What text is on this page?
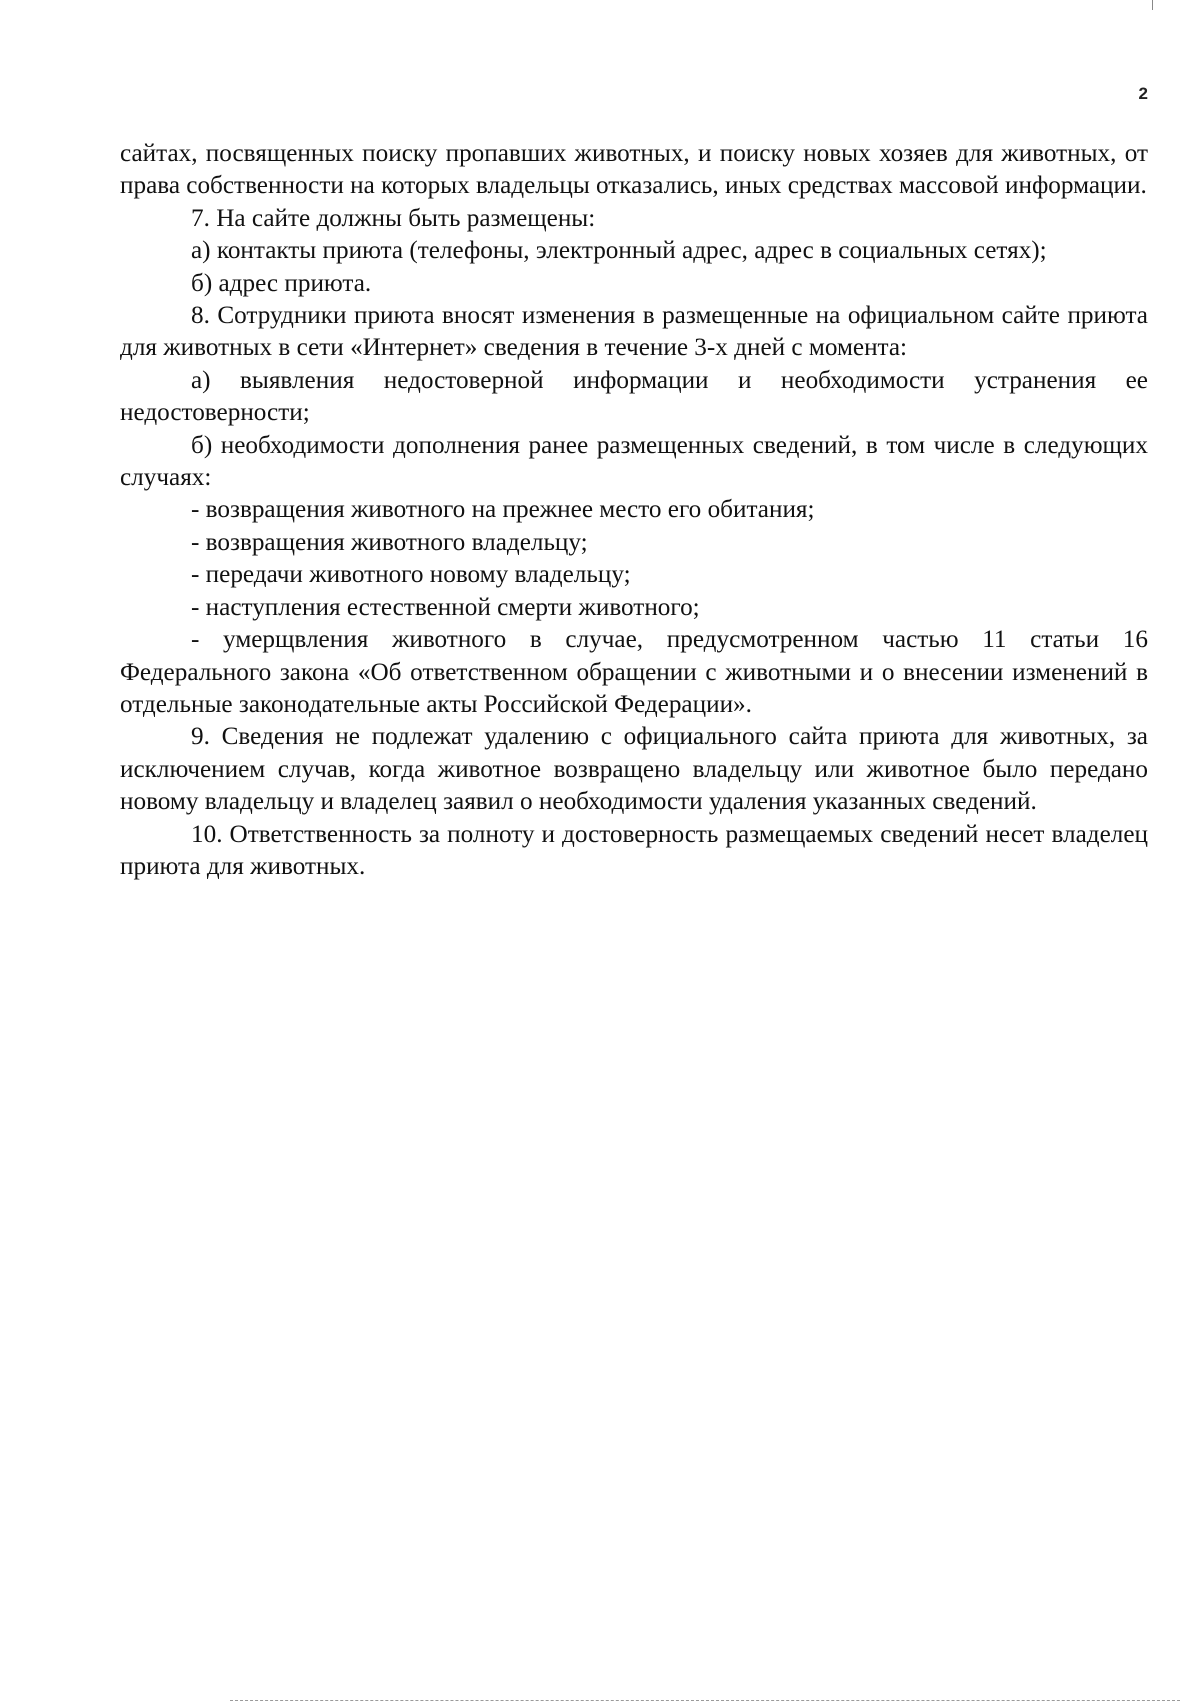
2

сайтах, посвященных поиску пропавших животных, и поиску новых хозяев для животных, от права собственности на которых владельцы отказались, иных средствах массовой информации.

7. На сайте должны быть размещены:

а) контакты приюта (телефоны, электронный адрес, адрес в социальных сетях);

б) адрес приюта.

8. Сотрудники приюта вносят изменения в размещенные на официальном сайте приюта для животных в сети «Интернет» сведения в течение 3-х дней с момента:

а) выявления недостоверной информации и необходимости устранения ее недостоверности;

б) необходимости дополнения ранее размещенных сведений, в том числе в следующих случаях:

- возвращения животного на прежнее место его обитания;

- возвращения животного владельцу;

- передачи животного новому владельцу;

- наступления естественной смерти животного;

- умерщвления животного в случае, предусмотренном частью 11 статьи 16 Федерального закона «Об ответственном обращении с животными и о внесении изменений в отдельные законодательные акты Российской Федерации».

9. Сведения не подлежат удалению с официального сайта приюта для животных, за исключением случав, когда животное возвращено владельцу или животное было передано новому владельцу и владелец заявил о необходимости удаления указанных сведений.

10. Ответственность за полноту и достоверность размещаемых сведений несет владелец приюта для животных.
